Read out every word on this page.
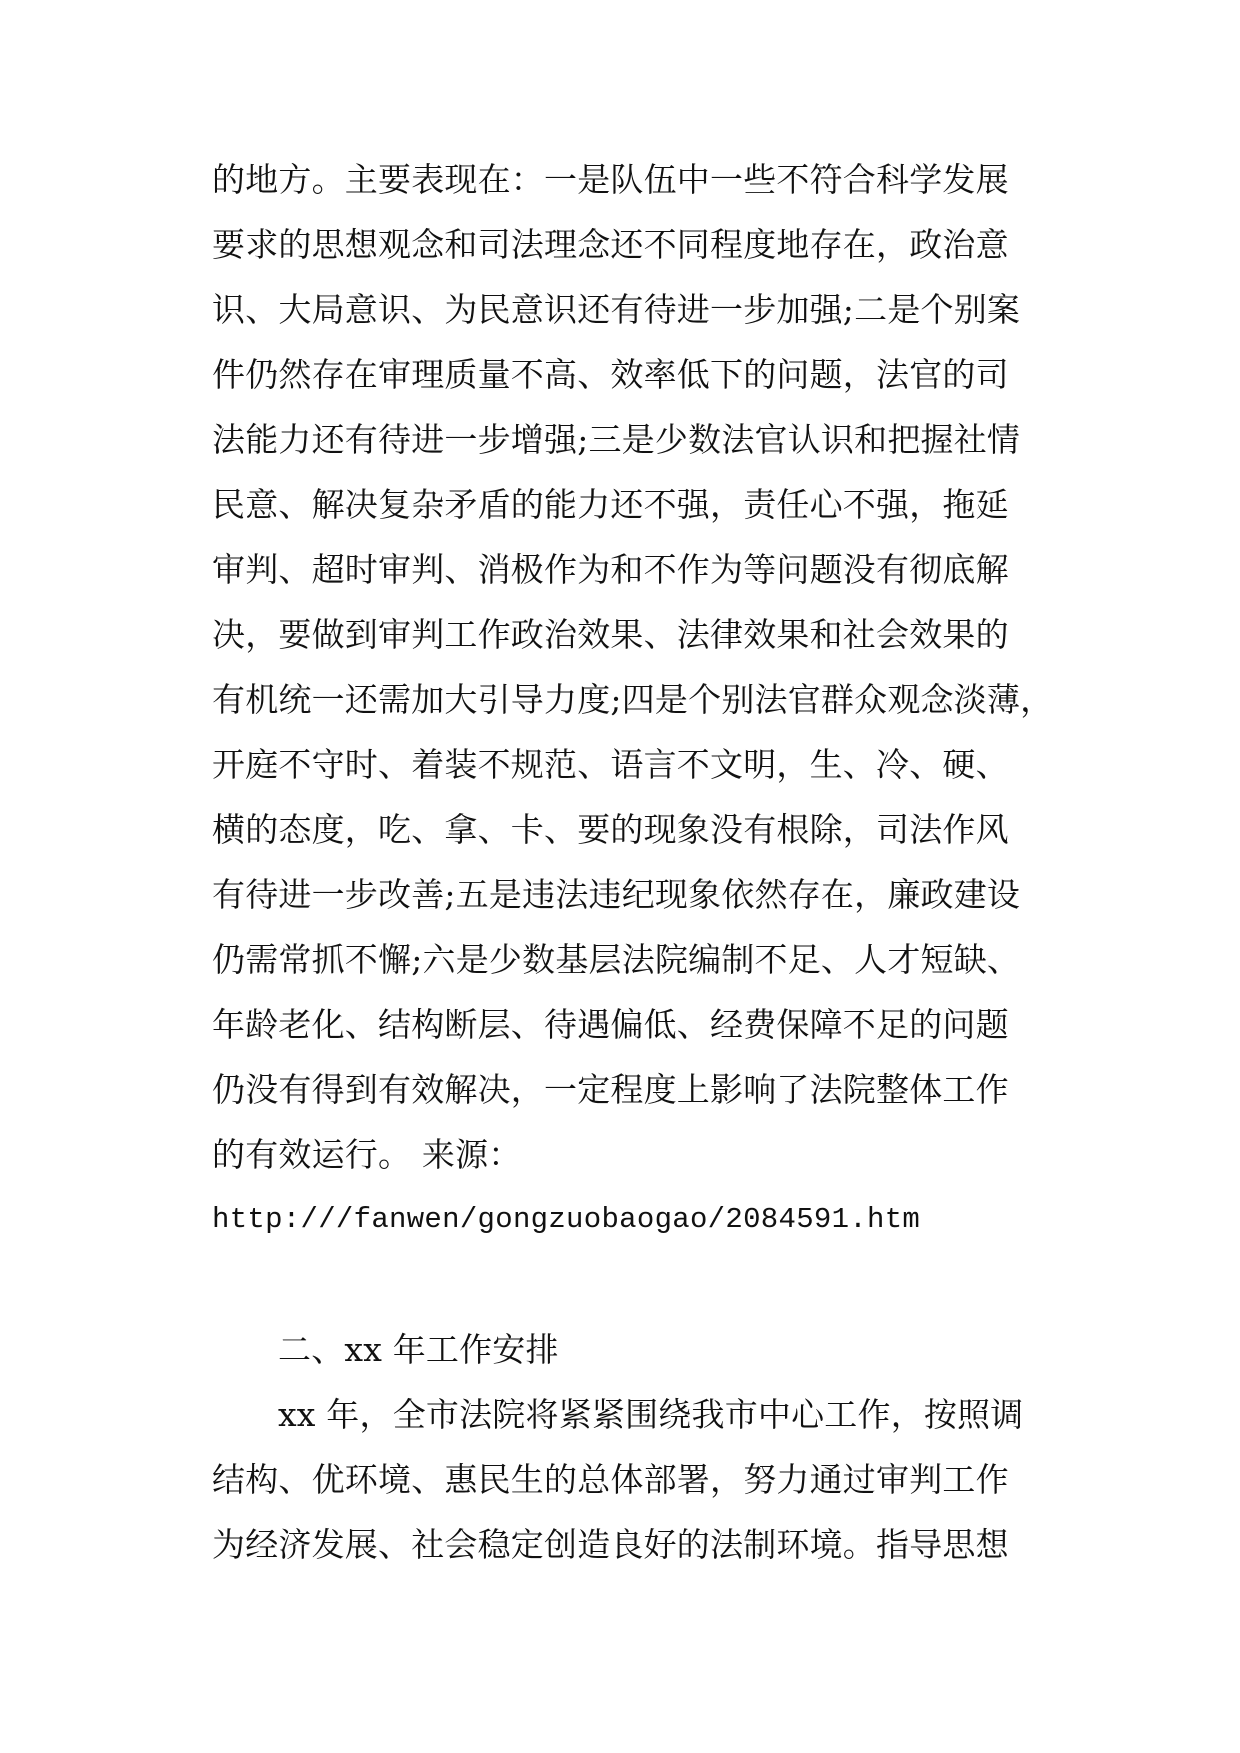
的地方。主要表现在：一是队伍中一些不符合科学发展
要求的思想观念和司法理念还不同程度地存在，政治意
识、大局意识、为民意识还有待进一步加强;二是个别案
件仍然存在审理质量不高、效率低下的问题，法官的司
法能力还有待进一步增强;三是少数法官认识和把握社情
民意、解决复杂矛盾的能力还不强，责任心不强，拖延
审判、超时审判、消极作为和不作为等问题没有彻底解
决，要做到审判工作政治效果、法律效果和社会效果的
有机统一还需加大引导力度;四是个别法官群众观念淡薄，
开庭不守时、着装不规范、语言不文明，生、冷、硬、
横的态度，吃、拿、卡、要的现象没有根除，司法作风
有待进一步改善;五是违法违纪现象依然存在，廉政建设
仍需常抓不懈;六是少数基层法院编制不足、人才短缺、
年龄老化、结构断层、待遇偏低、经费保障不足的问题
仍没有得到有效解决，一定程度上影响了法院整体工作
的有效运行。 来源：
http:///fanwen/gongzuobaogao/2084591.htm
二、xx 年工作安排
xx 年，全市法院将紧紧围绕我市中心工作，按照调
结构、优环境、惠民生的总体部署，努力通过审判工作
为经济发展、社会稳定创造良好的法制环境。指导思想
